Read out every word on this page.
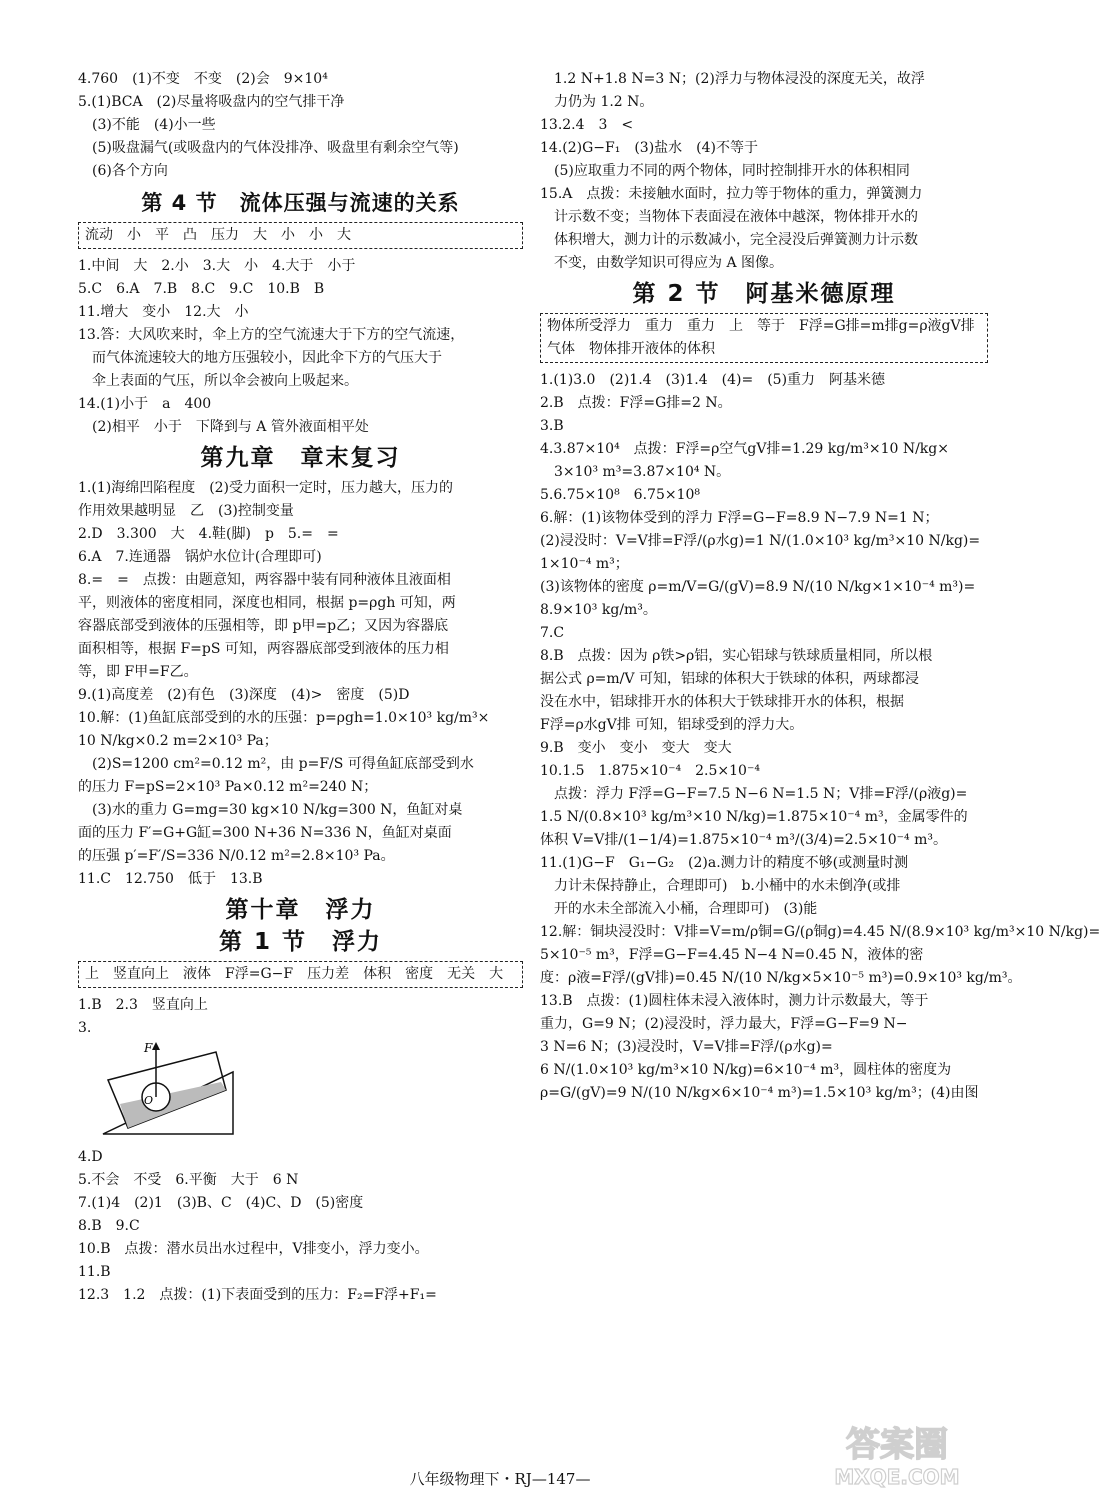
4.760　(1)不变　不变　(2)会　9×10⁴
5.(1)BCA　(2)尽量将吸盘内的空气排干净
(3)不能　(4)小一些
(5)吸盘漏气(或吸盘内的气体没排净、吸盘里有剩余空气等)
(6)各个方向
第 4 节　流体压强与流速的关系
流动　小　平　凸　压力　大　小　小　大
1.中间　大　2.小　3.大　小　4.大于　小于
5.C　6.A　7.B　8.C　9.C　10.B　B
11.增大　变小　12.大　小
13.答：大风吹来时，伞上方的空气流速大于下方的空气流速，
而气体流速较大的地方压强较小，因此伞下方的气压大于
伞上表面的气压，所以伞会被向上吸起来。
14.(1)小于　a　400
(2)相平　小于　下降到与 A 管外液面相平处
第九章　章末复习
1.(1)海绵凹陷程度　(2)受力面积一定时，压力越大，压力的
作用效果越明显　乙　(3)控制变量
2.D　3.300　大　4.鞋(脚)　p　5.=　=
6.A　7.连通器　锅炉水位计(合理即可)
8.=　=　点拨：由题意知，两容器中装有同种液体且液面相
平，则液体的密度相同，深度也相同，根据 p=ρgh 可知，两
容器底部受到液体的压强相等，即 p甲=p乙；又因为容器底
面积相等，根据 F=pS 可知，两容器底部受到液体的压力相
等，即 F甲=F乙。
9.(1)高度差　(2)有色　(3)深度　(4)>　密度　(5)D
10.解：(1)鱼缸底部受到的水的压强：p=ρgh=1.0×10³ kg/m³×
10 N/kg×0.2 m=2×10³ Pa；
(2)S=1200 cm²=0.12 m²，由 p=F/S 可得鱼缸底部受到水
的压力 F=pS=2×10³ Pa×0.12 m²=240 N；
(3)水的重力 G=mg=30 kg×10 N/kg=300 N，鱼缸对桌
面的压力 F′=G+G缸=300 N+36 N=336 N，鱼缸对桌面
的压强 p′=F′/S=336 N/0.12 m²=2.8×10³ Pa。
11.C　12.750　低于　13.B
第十章　浮力
第 1 节　浮力
上　竖直向上　液体　F浮=G−F　压力差　体积　密度　无关　大
1.B　2.3　竖直向上
3.
F
O
4.D
5.不会　不受　6.平衡　大于　6 N
7.(1)4　(2)1　(3)B、C　(4)C、D　(5)密度
8.B　9.C
10.B　点拨：潜水员出水过程中，V排变小，浮力变小。
11.B
12.3　1.2　点拨：(1)下表面受到的压力：F₂=F浮+F₁=
1.2 N+1.8 N=3 N；(2)浮力与物体浸没的深度无关，故浮
力仍为 1.2 N。
13.2.4　3　<
14.(2)G−F₁　(3)盐水　(4)不等于
(5)应取重力不同的两个物体，同时控制排开水的体积相同
15.A　点拨：未接触水面时，拉力等于物体的重力，弹簧测力
计示数不变；当物体下表面浸在液体中越深，物体排开水的
体积增大，测力计的示数减小，完全浸没后弹簧测力计示数
不变，由数学知识可得应为 A 图像。
第 2 节　阿基米德原理
物体所受浮力　重力　重力　上　等于　F浮=G排=m排g=ρ液gV排　气体　物体排开液体的体积
1.(1)3.0　(2)1.4　(3)1.4　(4)=　(5)重力　阿基米德
2.B　点拨：F浮=G排=2 N。
3.B
4.3.87×10⁴　点拨：F浮=ρ空气gV排=1.29 kg/m³×10 N/kg×
3×10³ m³=3.87×10⁴ N。
5.6.75×10⁸　6.75×10⁸
6.解：(1)该物体受到的浮力 F浮=G−F=8.9 N−7.9 N=1 N；
(2)浸没时：V=V排=F浮/(ρ水g)=1 N/(1.0×10³ kg/m³×10 N/kg)=
1×10⁻⁴ m³；
(3)该物体的密度 ρ=m/V=G/(gV)=8.9 N/(10 N/kg×1×10⁻⁴ m³)=
8.9×10³ kg/m³。
7.C
8.B　点拨：因为 ρ铁>ρ铝，实心铝球与铁球质量相同，所以根
据公式 ρ=m/V 可知，铝球的体积大于铁球的体积，两球都浸
没在水中，铝球排开水的体积大于铁球排开水的体积，根据
F浮=ρ水gV排 可知，铝球受到的浮力大。
9.B　变小　变小　变大　变大
10.1.5　1.875×10⁻⁴　2.5×10⁻⁴
点拨：浮力 F浮=G−F=7.5 N−6 N=1.5 N；V排=F浮/(ρ液g)=
1.5 N/(0.8×10³ kg/m³×10 N/kg)=1.875×10⁻⁴ m³，金属零件的
体积 V=V排/(1−1/4)=1.875×10⁻⁴ m³/(3/4)=2.5×10⁻⁴ m³。
11.(1)G−F　G₁−G₂　(2)a.测力计的精度不够(或测量时测
力计未保持静止，合理即可)　b.小桶中的水未倒净(或排
开的水未全部流入小桶，合理即可)　(3)能
12.解：铜块浸没时：V排=V=m/ρ铜=G/(ρ铜g)=4.45 N/(8.9×10³ kg/m³×10 N/kg)=
5×10⁻⁵ m³，F浮=G−F=4.45 N−4 N=0.45 N，液体的密
度：ρ液=F浮/(gV排)=0.45 N/(10 N/kg×5×10⁻⁵ m³)=0.9×10³ kg/m³。
13.B　点拨：(1)圆柱体未浸入液体时，测力计示数最大，等于
重力，G=9 N；(2)浸没时，浮力最大，F浮=G−F=9 N−
3 N=6 N；(3)浸没时，V=V排=F浮/(ρ水g)=
6 N/(1.0×10³ kg/m³×10 N/kg)=6×10⁻⁴ m³，圆柱体的密度为
ρ=G/(gV)=9 N/(10 N/kg×6×10⁻⁴ m³)=1.5×10³ kg/m³；(4)由图
八年级物理下・RJ—147—
答案圈
MXQE.COM
